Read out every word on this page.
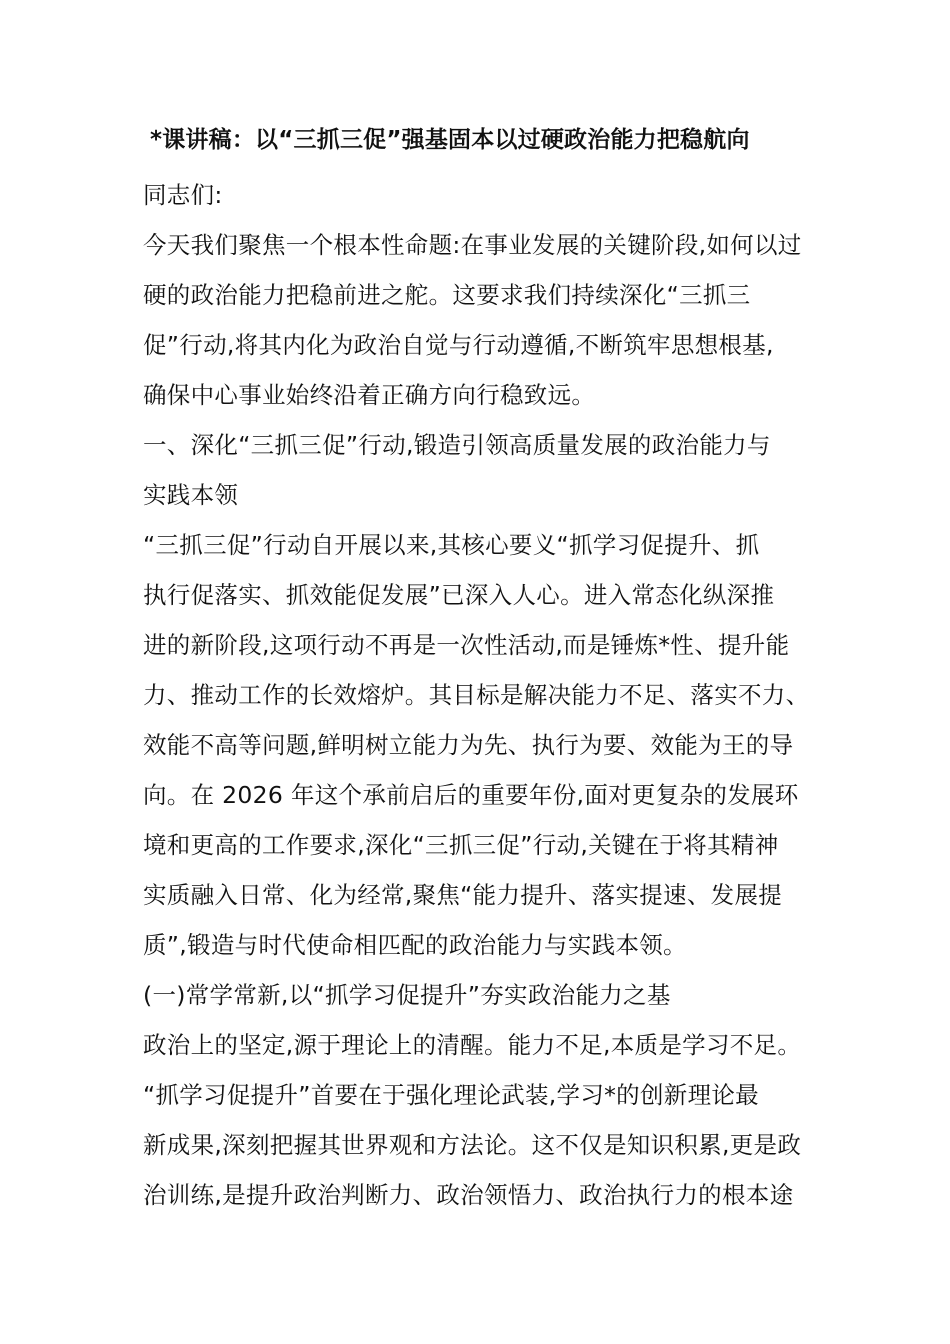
*课讲稿：以“三抓三促”强基固本以过硬政治能力把稳航向
同志们:
今天我们聚焦一个根本性命题:在事业发展的关键阶段,如何以过
硬的政治能力把稳前进之舵。这要求我们持续深化“三抓三
促”行动,将其内化为政治自觉与行动遵循,不断筑牢思想根基,
确保中心事业始终沿着正确方向行稳致远。
一、深化“三抓三促”行动,锻造引领高质量发展的政治能力与
实践本领
“三抓三促”行动自开展以来,其核心要义“抓学习促提升、抓
执行促落实、抓效能促发展”已深入人心。进入常态化纵深推
进的新阶段,这项行动不再是一次性活动,而是锤炼*性、提升能
力、推动工作的长效熔炉。其目标是解决能力不足、落实不力、
效能不高等问题,鲜明树立能力为先、执行为要、效能为王的导
向。在 2026 年这个承前启后的重要年份,面对更复杂的发展环
境和更高的工作要求,深化“三抓三促”行动,关键在于将其精神
实质融入日常、化为经常,聚焦“能力提升、落实提速、发展提
质”,锻造与时代使命相匹配的政治能力与实践本领。
(一)常学常新,以“抓学习促提升”夯实政治能力之基
政治上的坚定,源于理论上的清醒。能力不足,本质是学习不足。
“抓学习促提升”首要在于强化理论武装,学习*的创新理论最
新成果,深刻把握其世界观和方法论。这不仅是知识积累,更是政
治训练,是提升政治判断力、政治领悟力、政治执行力的根本途
